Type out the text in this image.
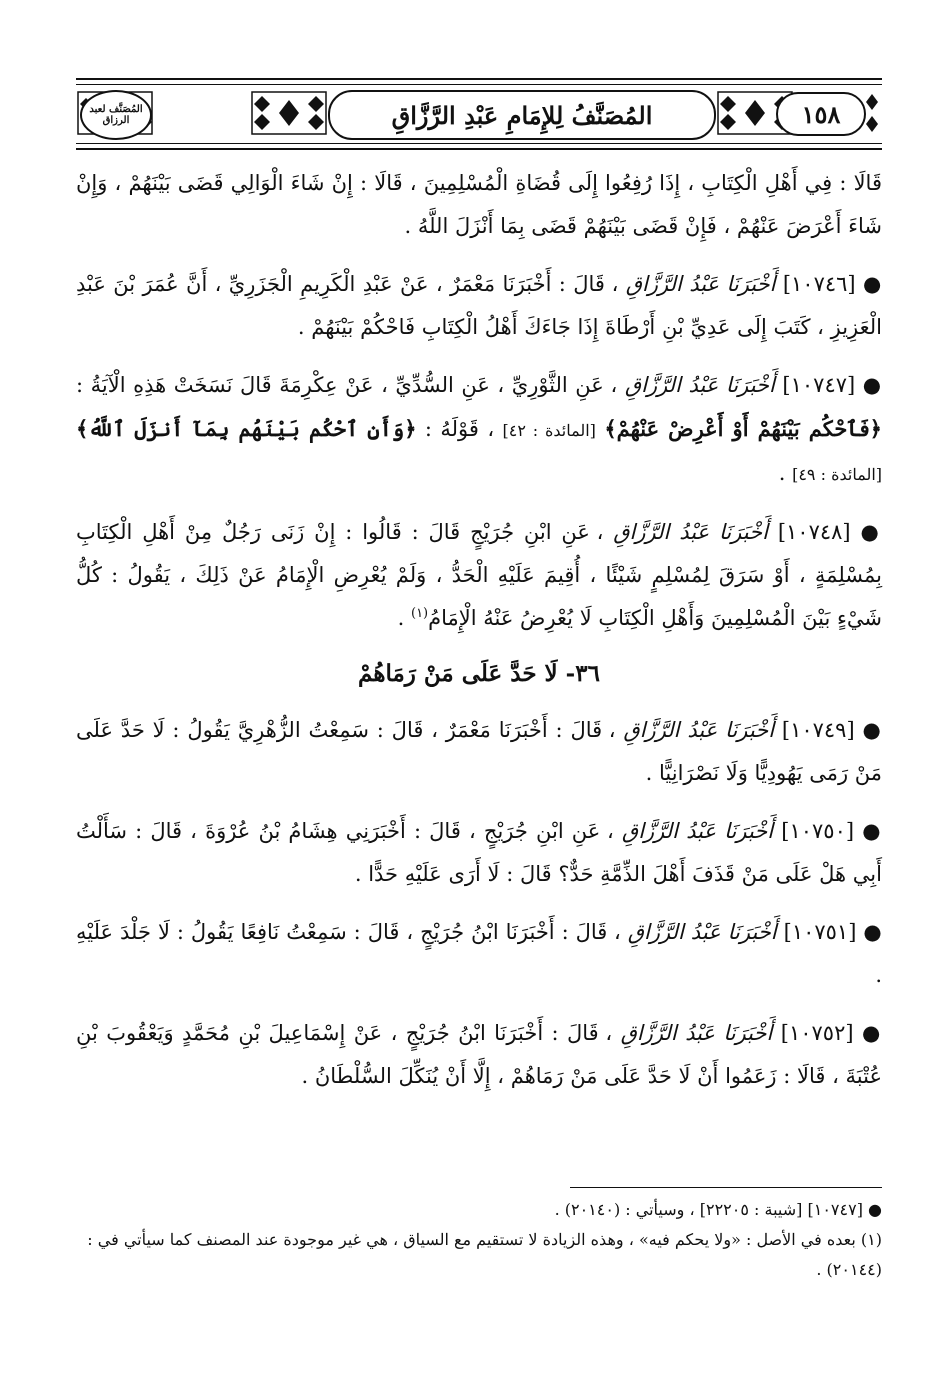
المُصَنَّف لعبد الرزاق	المُصَنَّفُ لِلإِمَامِ عَبْدِ الرَّزَّاقِ	١٥٨

قَالَا : فِي أَهْلِ الْكِتَابِ ، إِذَا رُفِعُوا إِلَى قُضَاةِ الْمُسْلِمِينَ ، قَالَا : إِنْ شَاءَ الْوَالِي قَضَى بَيْنَهُمْ ، وَإِنْ شَاءَ أَعْرَضَ عَنْهُمْ ، فَإِنْ قَضَى بَيْنَهُمْ قَضَى بِمَا أَنْزَلَ اللَّهُ .

● [١٠٧٤٦] أَخْبَرَنَا عَبْدُ الرَّزَّاقِ ، قَالَ : أَخْبَرَنَا مَعْمَرٌ ، عَنْ عَبْدِ الْكَرِيمِ الْجَزَرِيِّ ، أَنَّ عُمَرَ بْنَ عَبْدِ الْعَزِيزِ ، كَتَبَ إِلَى عَدِيِّ بْنِ أَرْطَاةَ إِذَا جَاءَكَ أَهْلُ الْكِتَابِ فَاحْكُمْ بَيْنَهُمْ .

● [١٠٧٤٧] أَخْبَرَنَا عَبْدُ الرَّزَّاقِ ، عَنِ الثَّوْرِيِّ ، عَنِ السُّدِّيِّ ، عَنْ عِكْرِمَةَ قَالَ نَسَخَتْ هَذِهِ الْآيَةُ : ﴿فَٱحْكُم بَيْنَهُمْ أَوْ أَعْرِضْ عَنْهُمْ﴾ [المائدة : ٤٢] ، قَوْلَهُ : ﴿وَأَنِ ٱحْكُم بَيْنَهُم بِمَآ أَنزَلَ ٱللَّهُ﴾ [المائدة : ٤٩] .

● [١٠٧٤٨] أَخْبَرَنَا عَبْدُ الرَّزَّاقِ ، عَنِ ابْنِ جُرَيْجٍ قَالَ : قَالُوا : إِنْ زَنَى رَجُلٌ مِنْ أَهْلِ الْكِتَابِ بِمُسْلِمَةٍ ، أَوْ سَرَقَ لِمُسْلِمٍ شَيْئًا ، أُقِيمَ عَلَيْهِ الْحَدُّ ، وَلَمْ يُعْرِضِ الْإِمَامُ عَنْ ذَلِكَ ، يَقُولُ : كُلُّ شَيْءٍ بَيْنَ الْمُسْلِمِينَ وَأَهْلِ الْكِتَابِ لَا يُعْرِضُ عَنْهُ الْإِمَامُ$^{(١)}$ .

٣٦- لَا حَدَّ عَلَى مَنْ رَمَاهُمْ

● [١٠٧٤٩] أَخْبَرَنَا عَبْدُ الرَّزَّاقِ ، قَالَ : أَخْبَرَنَا مَعْمَرٌ ، قَالَ : سَمِعْتُ الزُّهْرِيَّ يَقُولُ : لَا حَدَّ عَلَى مَنْ رَمَى يَهُودِيًّا وَلَا نَصْرَانِيًّا .

● [١٠٧٥٠] أَخْبَرَنَا عَبْدُ الرَّزَّاقِ ، عَنِ ابْنِ جُرَيْجٍ ، قَالَ : أَخْبَرَنِي هِشَامُ بْنُ عُرْوَةَ ، قَالَ : سَأَلْتُ أَبِي هَلْ عَلَى مَنْ قَذَفَ أَهْلَ الذِّمَّةِ حَدٌّ؟ قَالَ : لَا أَرَى عَلَيْهِ حَدًّا .

● [١٠٧٥١] أَخْبَرَنَا عَبْدُ الرَّزَّاقِ ، قَالَ : أَخْبَرَنَا ابْنُ جُرَيْجٍ ، قَالَ : سَمِعْتُ نَافِعًا يَقُولُ : لَا جَلْدَ عَلَيْهِ .

● [١٠٧٥٢] أَخْبَرَنَا عَبْدُ الرَّزَّاقِ ، قَالَ : أَخْبَرَنَا ابْنُ جُرَيْجٍ ، عَنْ إِسْمَاعِيلَ بْنِ مُحَمَّدٍ وَيَعْقُوبَ بْنِ عُتْبَةَ ، قَالَا : زَعَمُوا أَنْ لَا حَدَّ عَلَى مَنْ رَمَاهُمْ ، إِلَّا أَنْ يُنَكِّلَ السُّلْطَانُ .

● [١٠٧٤٧] [شيبة : ٢٢٢٠٥] ، وسيأتي : (٢٠١٤٠) .

(١) بعده في الأصل : «ولا يحكم فيه» ، وهذه الزيادة لا تستقيم مع السياق ، هي غير موجودة عند المصنف كما سيأتي في : (٢٠١٤٤) .
